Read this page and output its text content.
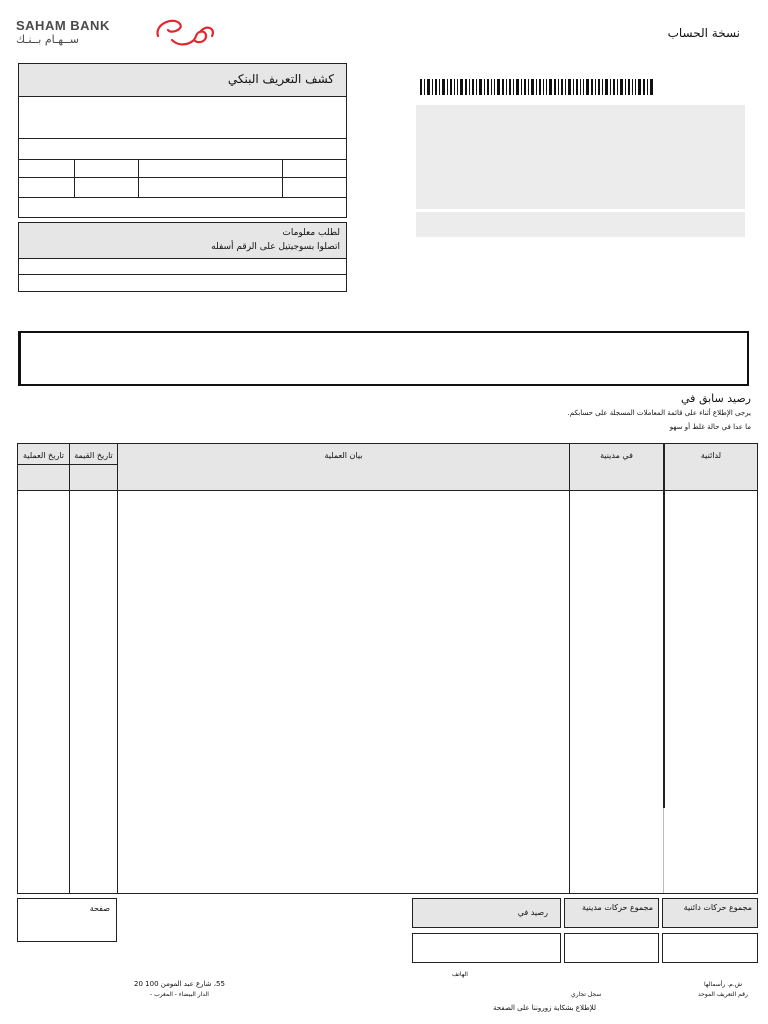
SAHAM BANK
ســهـام بــنـك	نسخة الحساب
كشف التعريف البنكي
لطلب معلومات
اتصلوا بسوجيتيل على الرقم أسفله
رصيد سابق في
يرجى الإطلاع أثناء على قائمة المعاملات المسجلة على حسابكم.
ما عدا في حالة غلط أو سهو
تاريخ العملية	تاريخ القيمة	بيان العملية	في مدينية	لدائنية
صفحة	رصيد في
مجموع حركات مدينية	مجموع حركات دائنية
55، شارع عبد المومن 100 20
الدار البيضاء - المغرب -
الهاتف
سجل تجاري
للإطلاع بشكاية زوروننا على الصفحة
ش.م. رأسمالها
رقم التعريف الموحد
